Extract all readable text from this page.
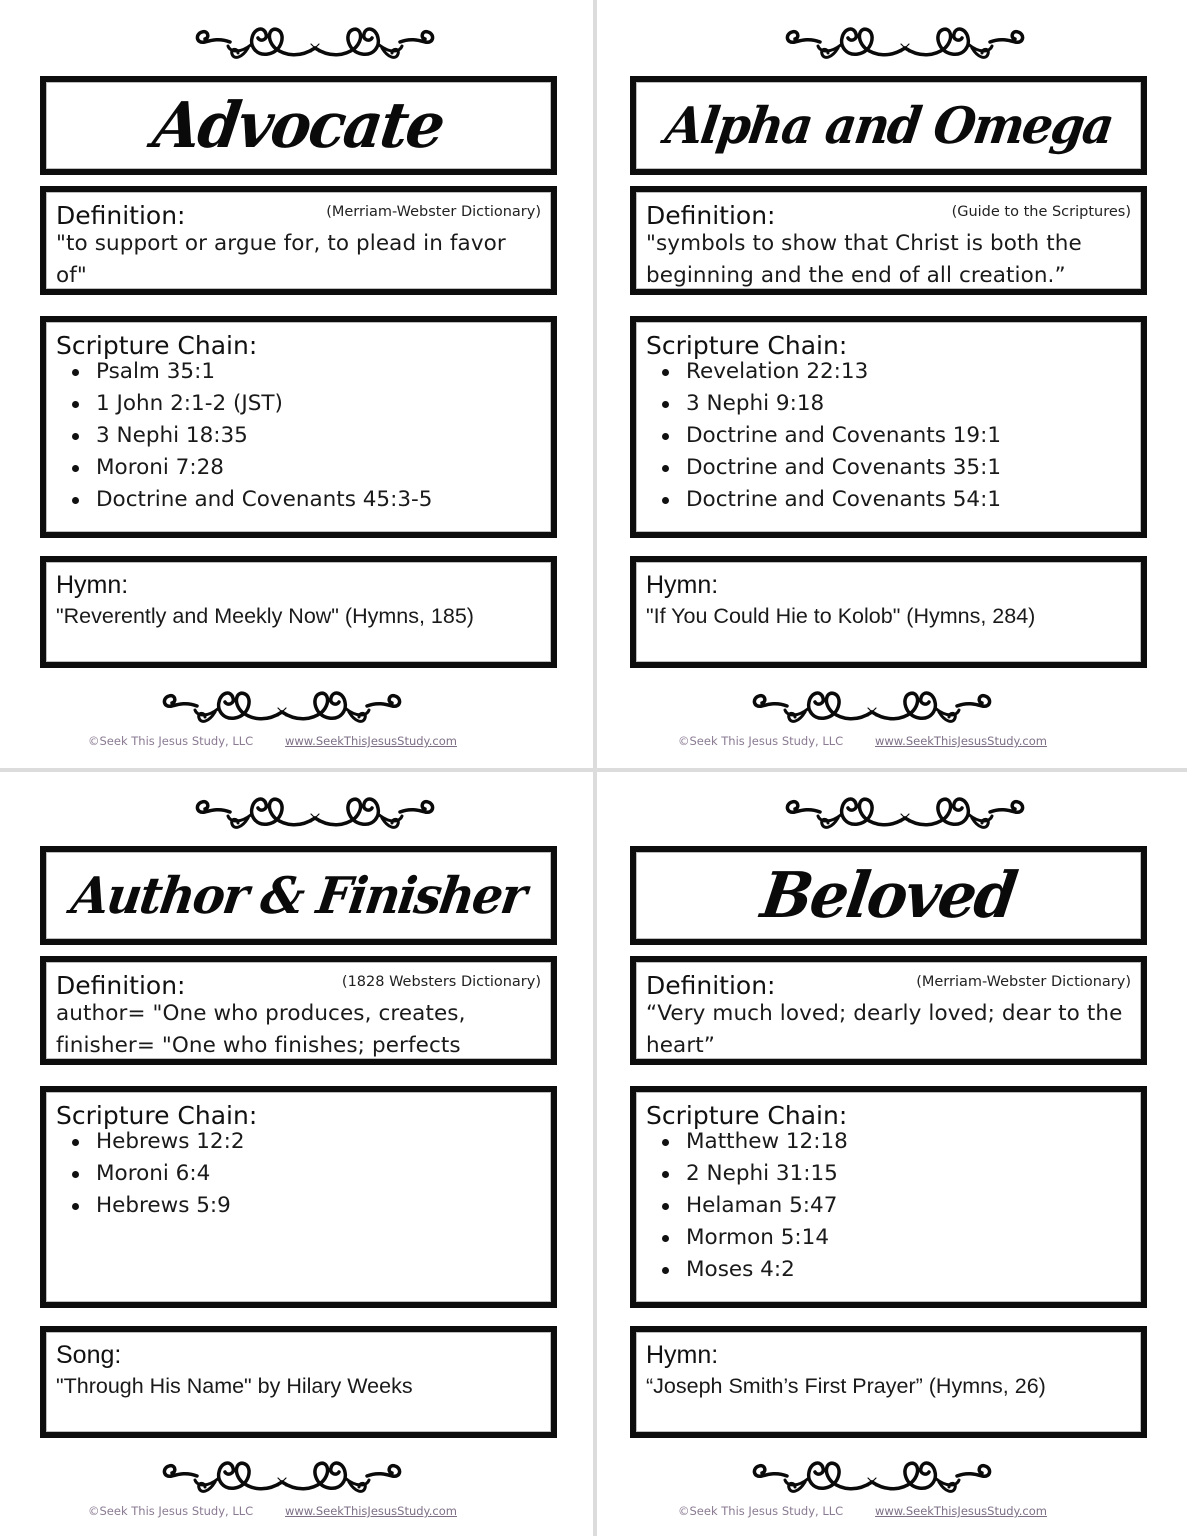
Advocate
Definition:	(Merriam-Webster Dictionary)
"to support or argue for, to plead in favor of"
Scripture Chain:
Psalm 35:1
1 John 2:1-2 (JST)
3 Nephi 18:35
Moroni 7:28
Doctrine and Covenants 45:3-5
Hymn:
"Reverently and Meekly Now" (Hymns, 185)
©Seek This Jesus Study, LLC	www.SeekThisJesusStudy.com
Alpha and Omega
Definition:	(Guide to the Scriptures)
"symbols to show that Christ is both the beginning and the end of all creation.”
Scripture Chain:
Revelation 22:13
3 Nephi 9:18
Doctrine and Covenants 19:1
Doctrine and Covenants 35:1
Doctrine and Covenants 54:1
Hymn:
"If You Could Hie to Kolob" (Hymns, 284)
©Seek This Jesus Study, LLC	www.SeekThisJesusStudy.com
Author & Finisher
Definition:	(1828 Websters Dictionary)
author= "One who produces, creates, finisher= "One who finishes; perfects
Scripture Chain:
Hebrews 12:2
Moroni 6:4
Hebrews 5:9
Song:
"Through His Name" by Hilary Weeks
©Seek This Jesus Study, LLC	www.SeekThisJesusStudy.com
Beloved
Definition:	(Merriam-Webster Dictionary)
“Very much loved; dearly loved; dear to the heart”
Scripture Chain:
Matthew 12:18
2 Nephi 31:15
Helaman 5:47
Mormon 5:14
Moses 4:2
Hymn:
“Joseph Smith’s First Prayer” (Hymns, 26)
©Seek This Jesus Study, LLC	www.SeekThisJesusStudy.com
